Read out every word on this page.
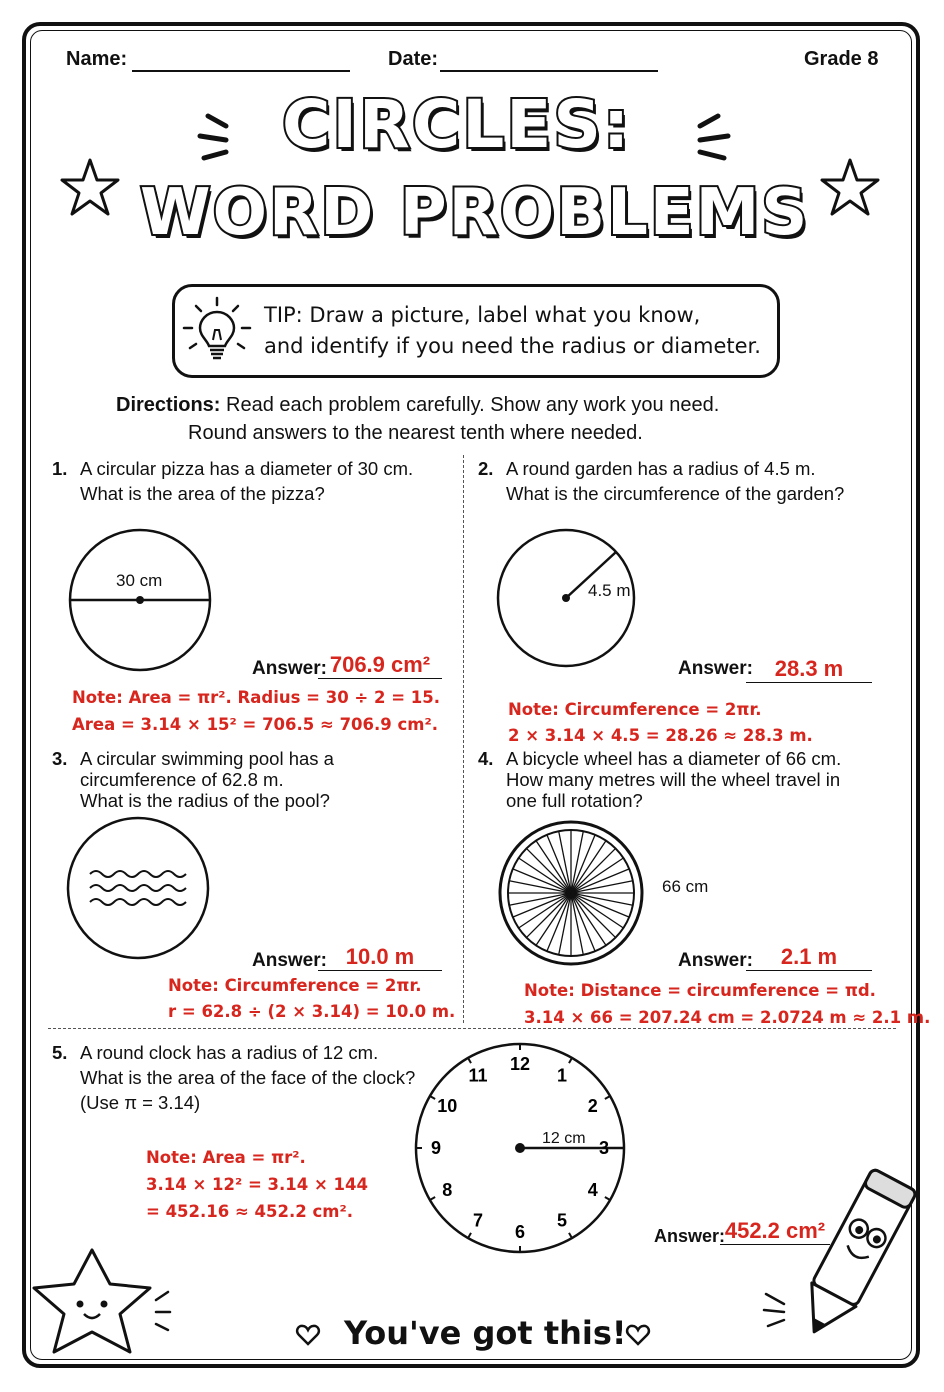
Name:	Date:	Grade 8
CIRCLES:
WORD PROBLEMS
TIP: Draw a picture, label what you know,
and identify if you need the radius or diameter.
Directions: Read each problem carefully. Show any work you need.
Round answers to the nearest tenth where needed.
1. A circular pizza has a diameter of 30 cm.
What is the area of the pizza?
30 cm
Answer: 706.9 cm²
Note: Area = πr². Radius = 30 ÷ 2 = 15.
Area = 3.14 × 15² = 706.5 ≈ 706.9 cm².
2. A round garden has a radius of 4.5 m.
What is the circumference of the garden?
4.5 m
Answer: 28.3 m
Note: Circumference = 2πr.
2 × 3.14 × 4.5 = 28.26 ≈ 28.3 m.
3. A circular swimming pool has a
circumference of 62.8 m.
What is the radius of the pool?
Answer: 10.0 m
Note: Circumference = 2πr.
r = 62.8 ÷ (2 × 3.14) = 10.0 m.
4. A bicycle wheel has a diameter of 66 cm.
How many metres will the wheel travel in
one full rotation?
66 cm
Answer:	2.1 m
Note: Distance = circumference = πd.
3.14 × 66 = 207.24 cm = 2.0724 m ≈ 2.1 m.
5. A round clock has a radius of 12 cm.
What is the area of the face of the clock?
(Use π = 3.14)
Note: Area = πr².
3.14 × 12² = 3.14 × 144
= 452.16 ≈ 452.2 cm².
12
1
2
3
4
5
6
7
8
9
10
11
12 cm
Answer: 452.2 cm²
You've got this!
